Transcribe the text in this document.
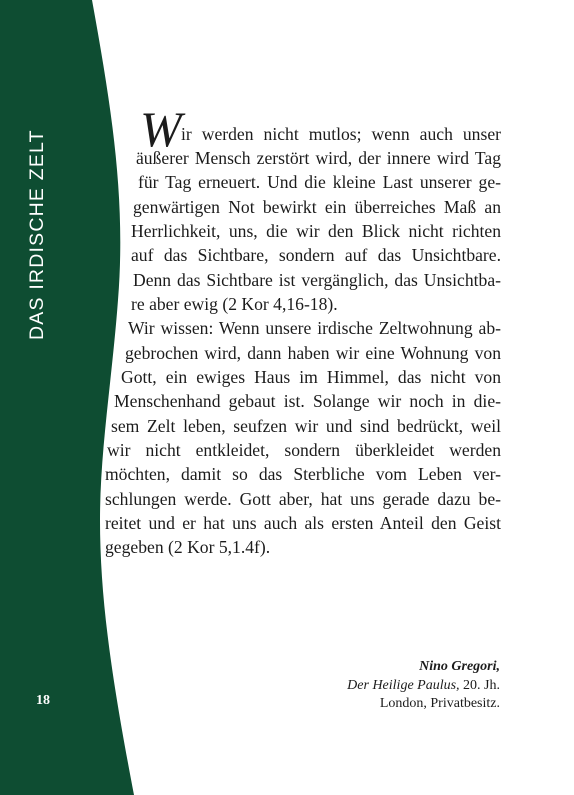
DAS IRDISCHE ZELT
18
W ir werden nicht mutlos; wenn auch unser
äußerer Mensch zerstört wird, der innere wird Tag
für Tag erneuert. Und die kleine Last unserer ge-
genwärtigen Not bewirkt ein überreiches Maß an
Herrlichkeit, uns, die wir den Blick nicht richten
auf das Sichtbare, sondern auf das Unsichtbare.
Denn das Sichtbare ist vergänglich, das Unsichtba-
re aber ewig (2 Kor 4,16-18).
Wir wissen: Wenn unsere irdische Zeltwohnung ab-
gebrochen wird, dann haben wir eine Wohnung von
Gott, ein ewiges Haus im Himmel, das nicht von
Menschenhand gebaut ist. Solange wir noch in die-
sem Zelt leben, seufzen wir und sind bedrückt, weil
wir nicht entkleidet, sondern überkleidet werden
möchten, damit so das Sterbliche vom Leben ver-
schlungen werde. Gott aber, hat uns gerade dazu be-
reitet und er hat uns auch als ersten Anteil den Geist
gegeben (2 Kor 5,1.4f).
Nino Gregori,
Der Heilige Paulus, 20. Jh.
London, Privatbesitz.
